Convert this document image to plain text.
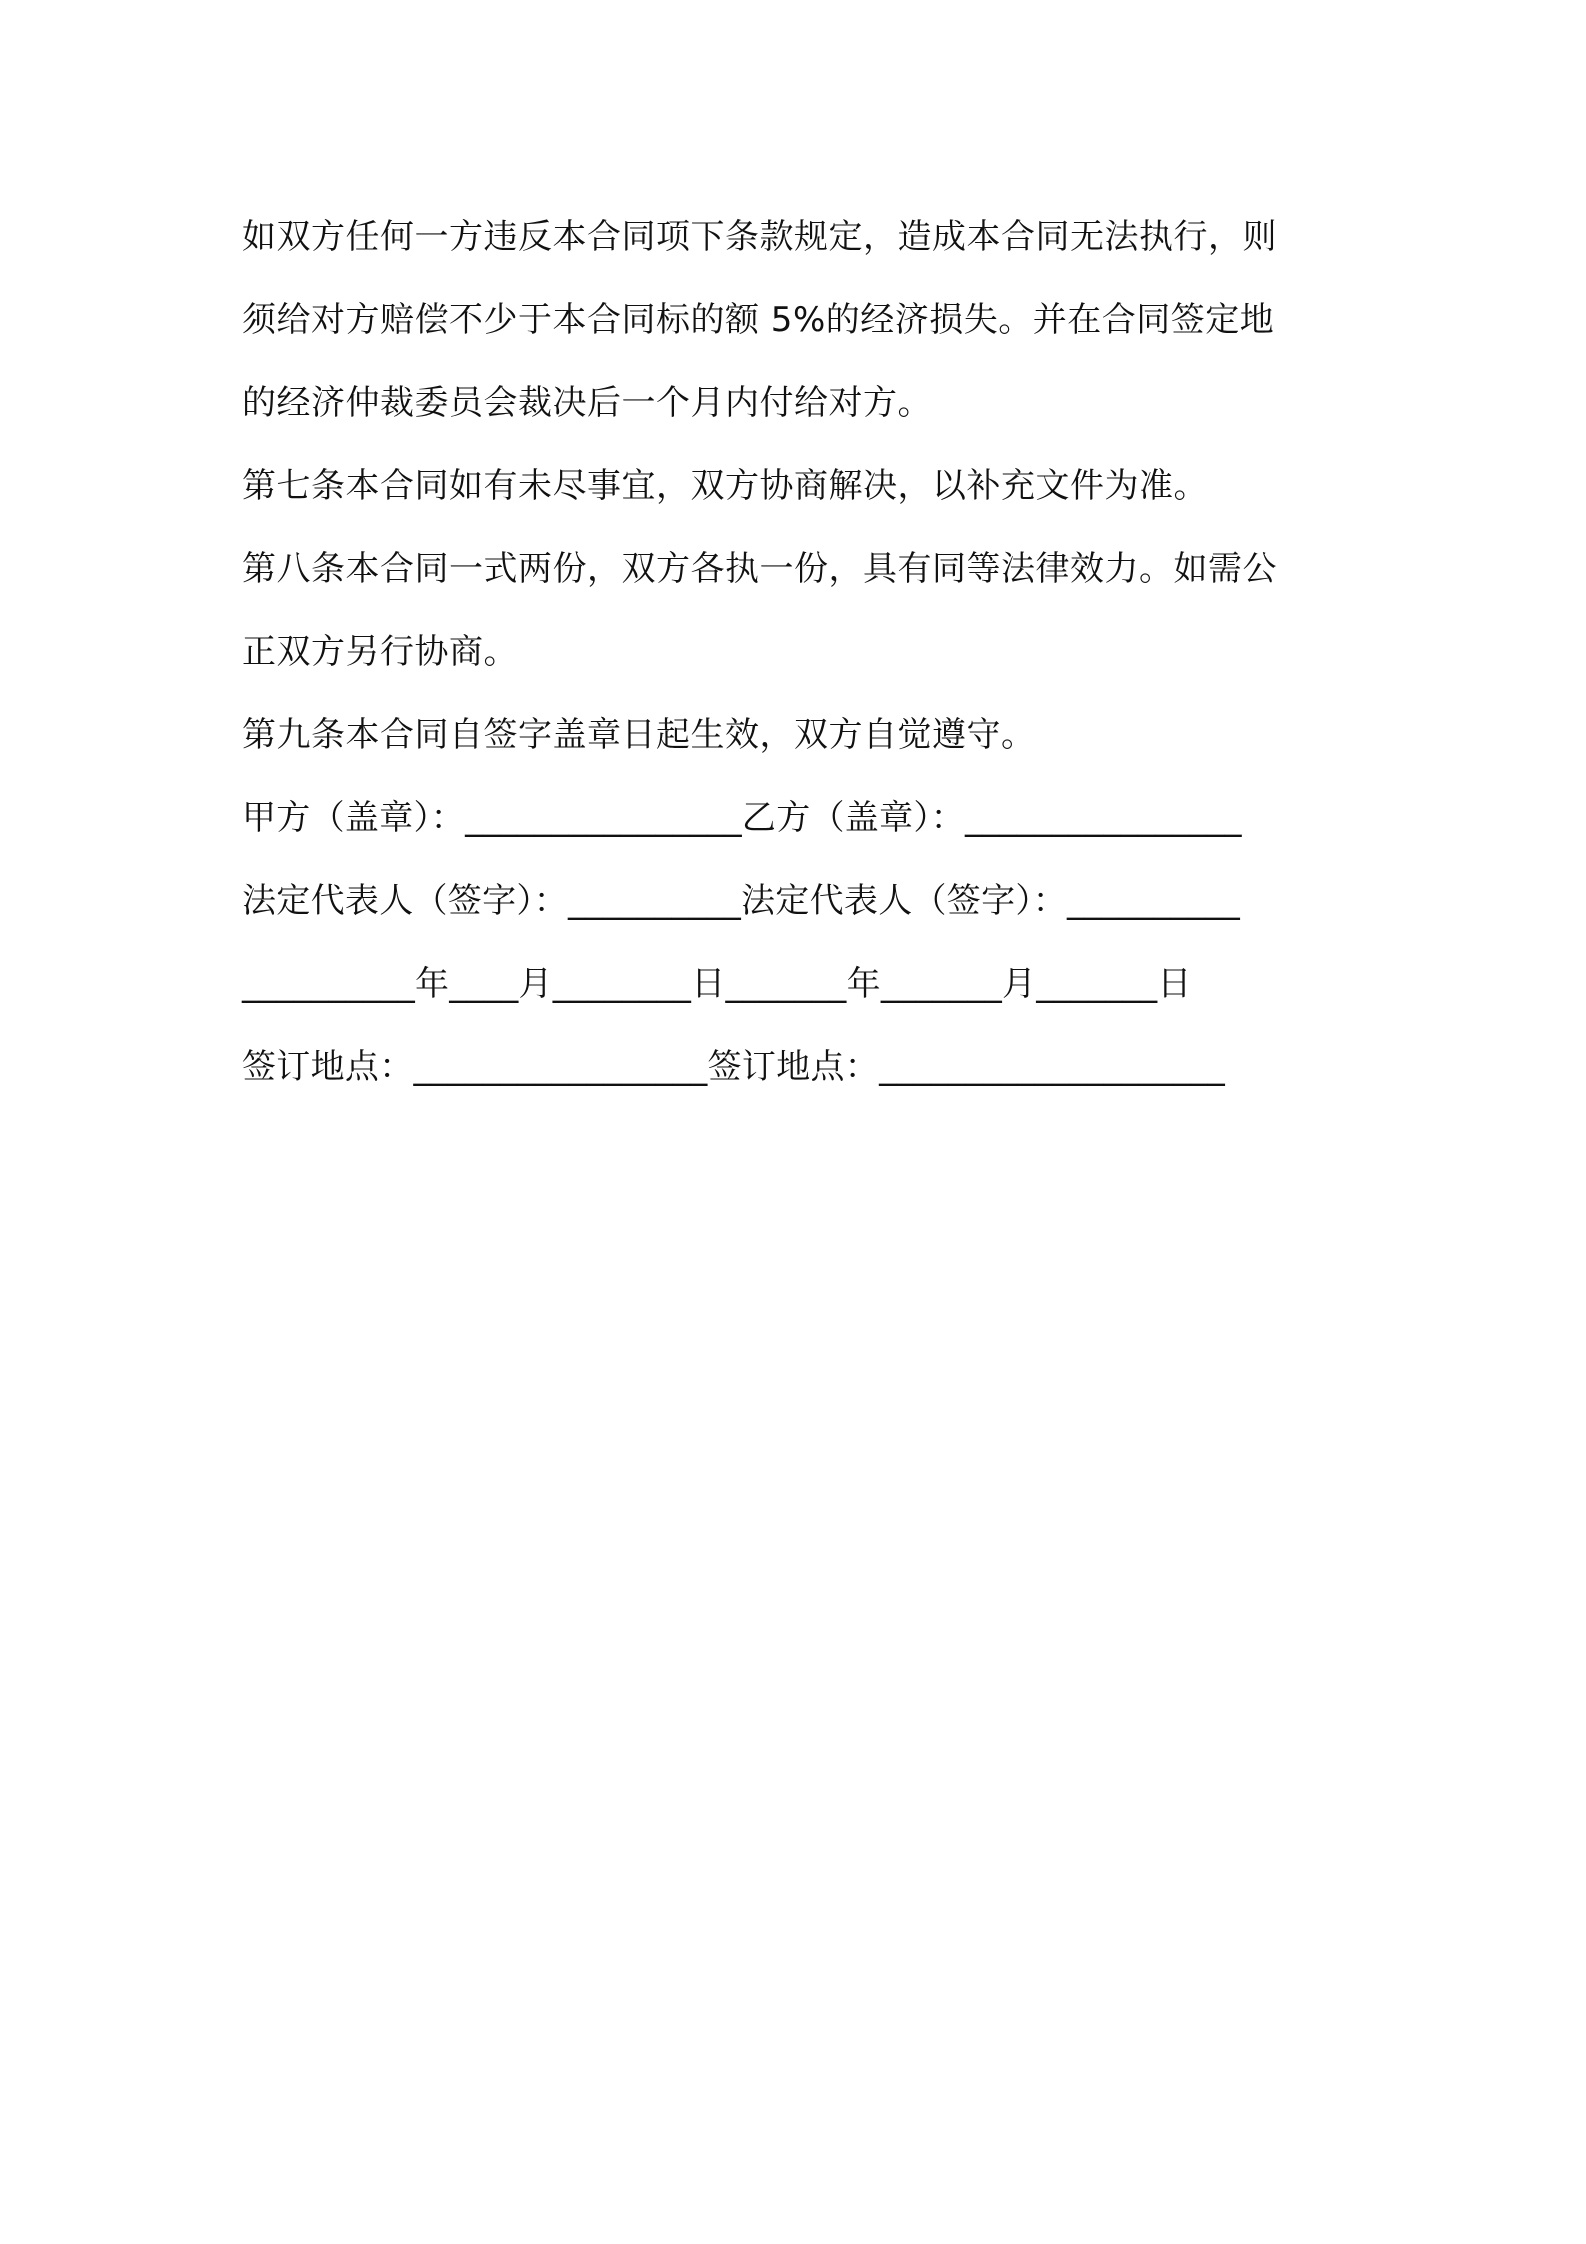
如双方任何一方违反本合同项下条款规定，造成本合同无法执行，则
须给对方赔偿不少于本合同标的额 5%的经济损失。并在合同签定地
的经济仲裁委员会裁决后一个月内付给对方。
第七条本合同如有未尽事宜，双方协商解决，以补充文件为准。
第八条本合同一式两份，双方各执一份，具有同等法律效力。如需公
正双方另行协商。
第九条本合同自签字盖章日起生效，双方自觉遵守。
甲方（盖章）：________________乙方（盖章）：________________
法定代表人（签字）：__________法定代表人（签字）：__________
__________年____月________日_______年_______月_______日
签订地点：_________________签订地点：____________________
